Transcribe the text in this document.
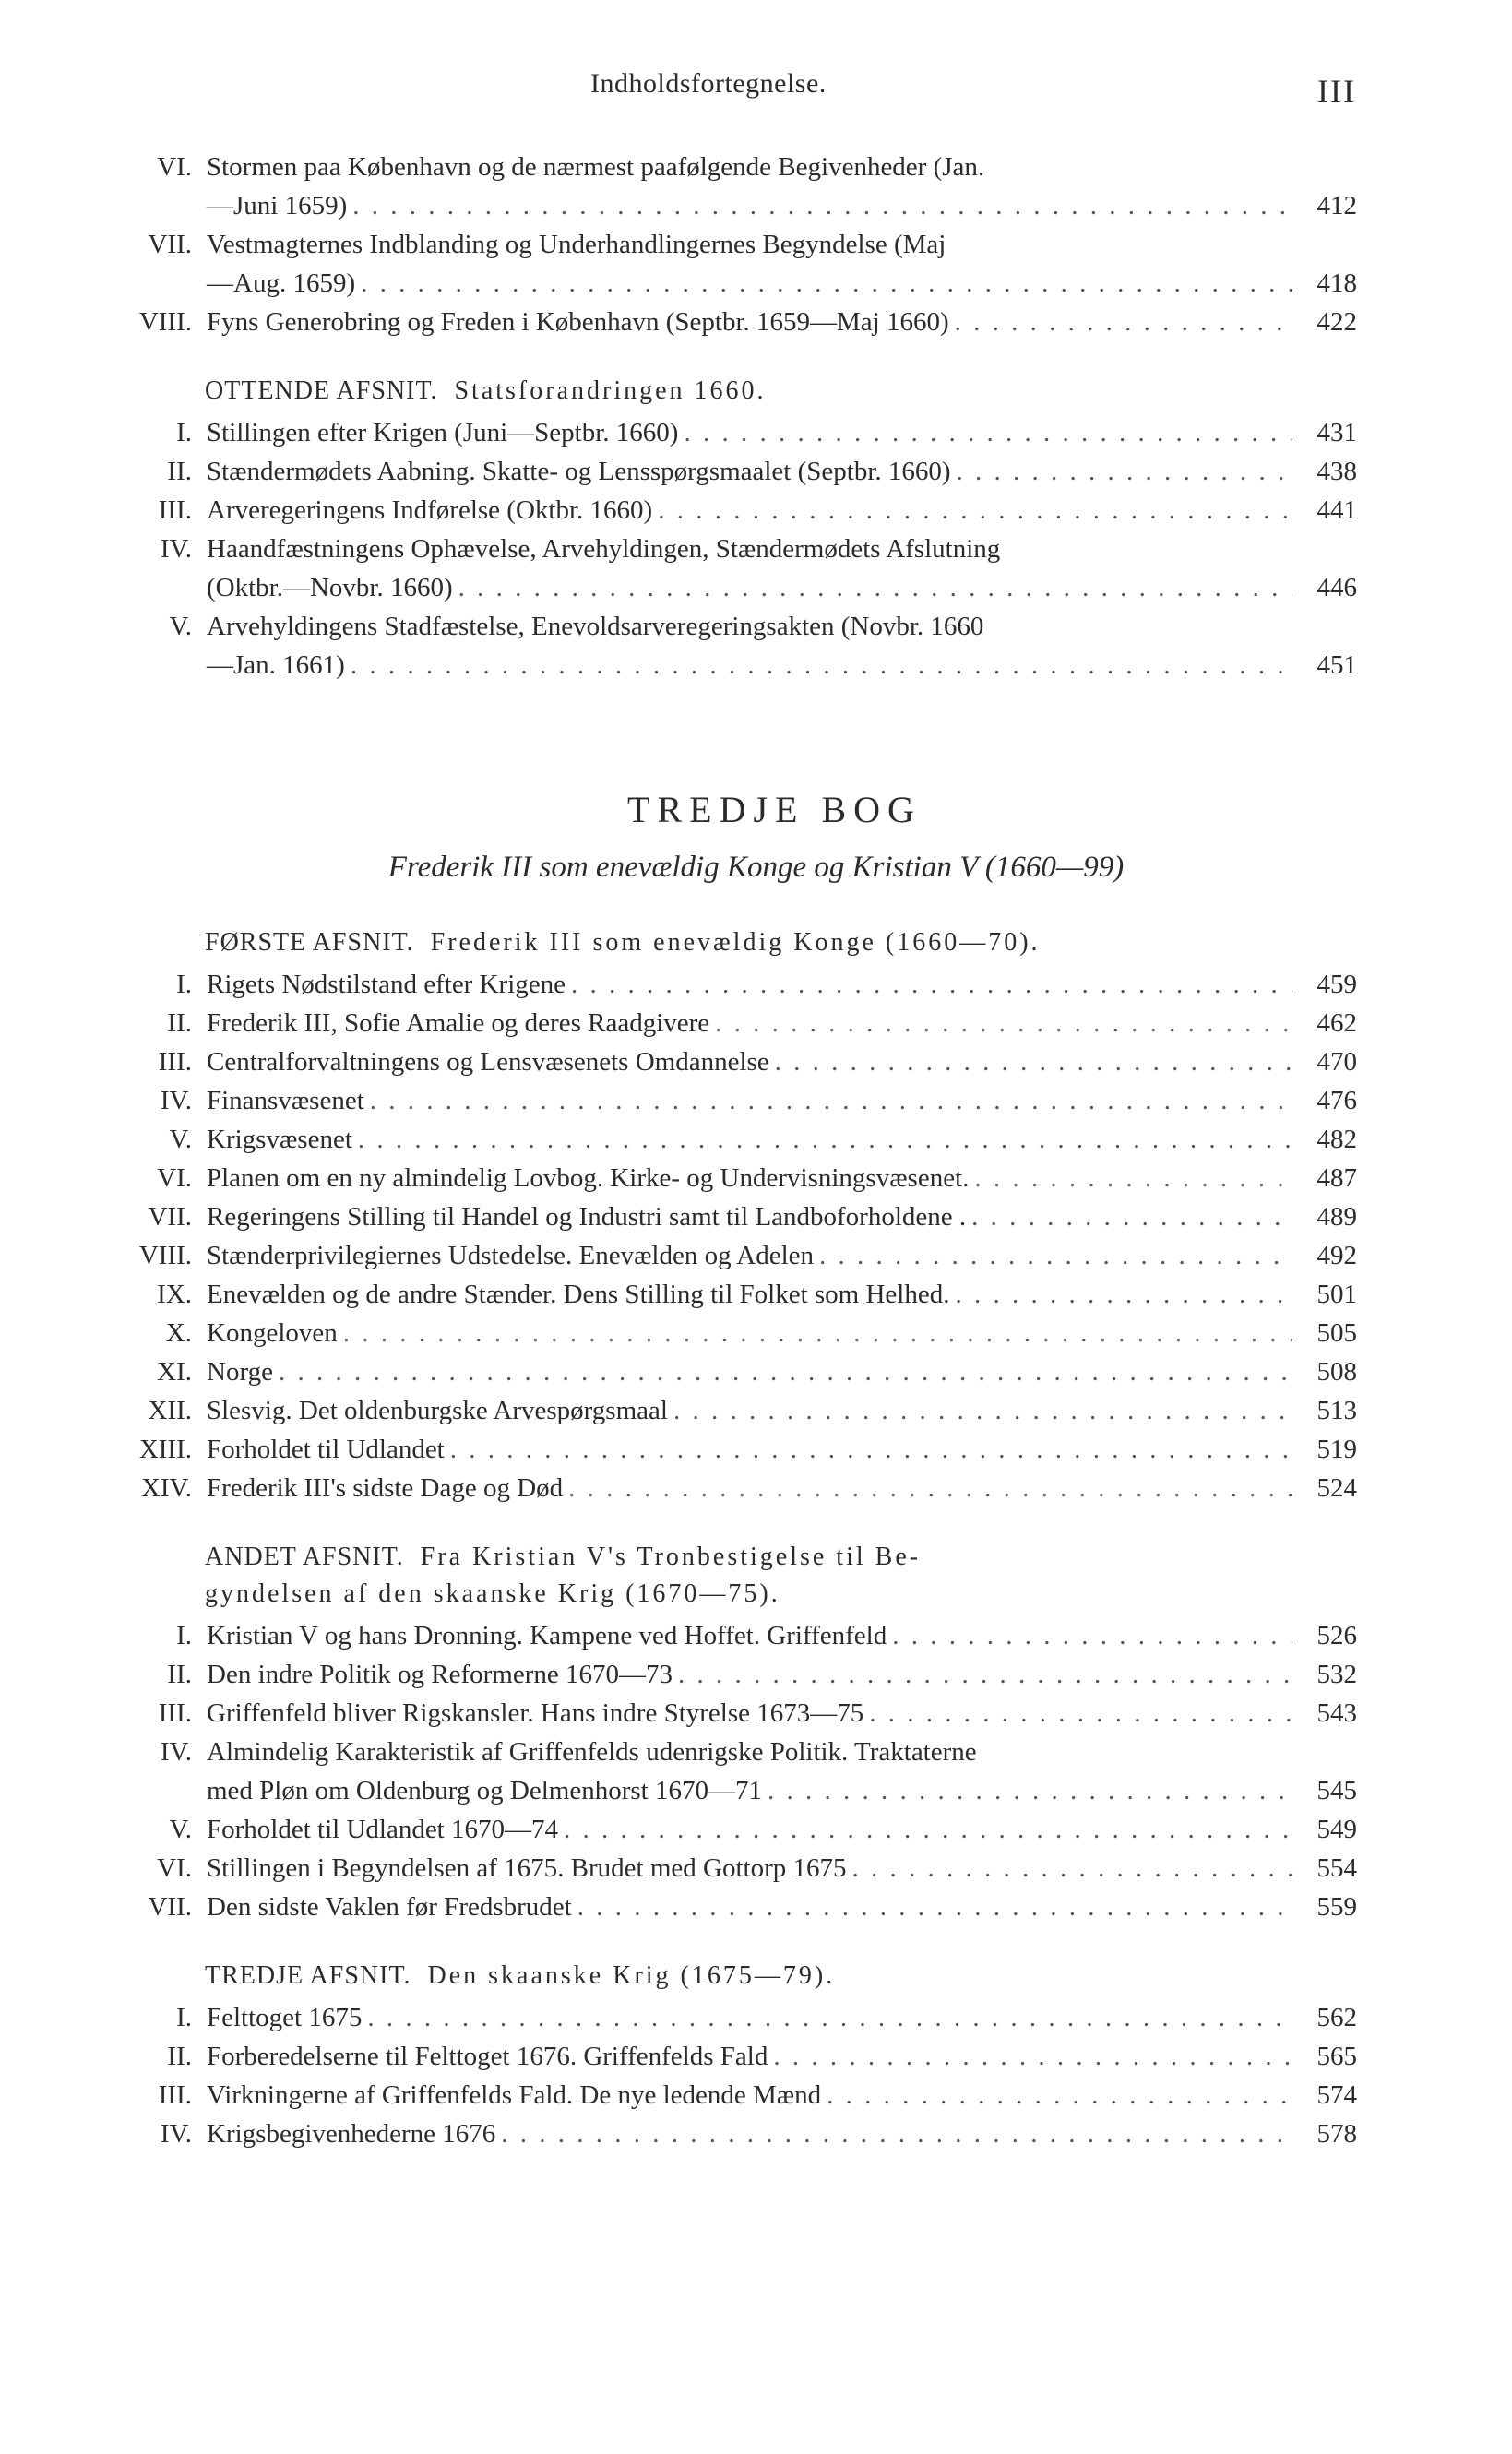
Indholdsfortegnelse.	III
VI. Stormen paa København og de nærmest paafølgende Begivenheder (Jan.
—Juni 1659) . . .	412
VII. Vestmagternes Indblanding og Underhandlingernes Begyndelse (Maj
—Aug. 1659) . . .	418
VIII. Fyns Generobring og Freden i København (Septbr. 1659—Maj 1660) . . .	422
OTTENDE AFSNIT. Statsforandringen 1660.
I. Stillingen efter Krigen (Juni—Septbr. 1660) . . .	431
II. Stændermødets Aabning. Skatte- og Lensspørgsmaalet (Septbr. 1660) . . .	438
III. Arveregeringens Indførelse (Oktbr. 1660) . . .	441
IV. Haandfæstningens Ophævelse, Arvehyldingen, Stændermødets Afslutning
(Oktbr.—Novbr. 1660) . . .	446
V. Arvehyldingens Stadfæstelse, Enevoldsarveregeringsakten (Novbr. 1660
—Jan. 1661) . . .	451
TREDJE BOG
Frederik III som enevældig Konge og Kristian V (1660—99)
FØRSTE AFSNIT. Frederik III som enevældig Konge (1660—70).
I. Rigets Nødstilstand efter Krigene . . .	459
II. Frederik III, Sofie Amalie og deres Raadgivere . . .	462
III. Centralforvaltningens og Lensvæsenets Omdannelse . . .	470
IV. Finansvæsenet . . .	476
V. Krigsvæsenet . . .	482
VI. Planen om en ny almindelig Lovbog. Kirke- og Undervisningsvæsenet. . . .	487
VII. Regeringens Stilling til Handel og Industri samt til Landboforholdene . . . .	489
VIII. Stænderprivilegiernes Udstedelse. Enevælden og Adelen . . .	492
IX. Enevælden og de andre Stænder. Dens Stilling til Folket som Helhed. . . .	501
X. Kongeloven . . .	505
XI. Norge . . .	508
XII. Slesvig. Det oldenburgske Arvespørgsmaal . . .	513
XIII. Forholdet til Udlandet . . .	519
XIV. Frederik III's sidste Dage og Død . . .	524
ANDET AFSNIT. Fra Kristian V's Tronbestigelse til Be-
gyndelsen af den skaanske Krig (1670—75).
I. Kristian V og hans Dronning. Kampene ved Hoffet. Griffenfeld . . .	526
II. Den indre Politik og Reformerne 1670—73 . . .	532
III. Griffenfeld bliver Rigskansler. Hans indre Styrelse 1673—75 . . .	543
IV. Almindelig Karakteristik af Griffenfelds udenrigske Politik. Traktaterne
med Pløn om Oldenburg og Delmenhorst 1670—71 . . .	545
V. Forholdet til Udlandet 1670—74 . . .	549
VI. Stillingen i Begyndelsen af 1675. Brudet med Gottorp 1675 . . .	554
VII. Den sidste Vaklen før Fredsbrudet . . .	559
TREDJE AFSNIT. Den skaanske Krig (1675—79).
I. Felttoget 1675 . . .	562
II. Forberedelserne til Felttoget 1676. Griffenfelds Fald . . .	565
III. Virkningerne af Griffenfelds Fald. De nye ledende Mænd . . .	574
IV. Krigsbegivenhederne 1676 . . .	578
